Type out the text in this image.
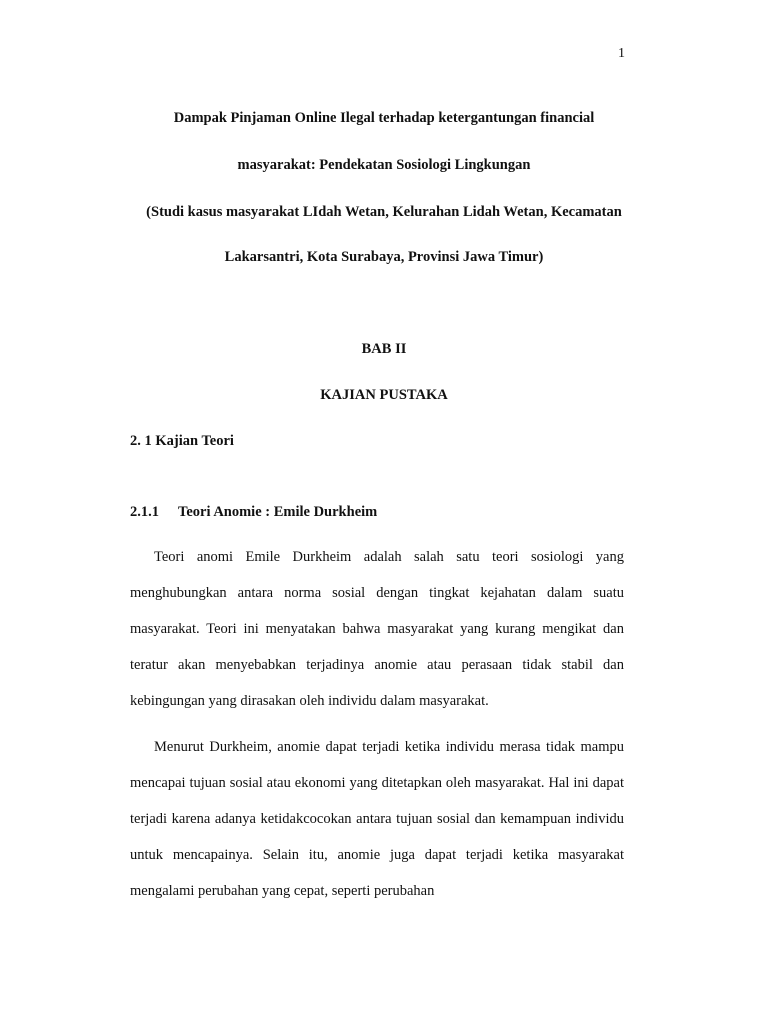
1
Dampak Pinjaman Online Ilegal terhadap ketergantungan financial
masyarakat: Pendekatan Sosiologi Lingkungan
(Studi kasus masyarakat LIdah Wetan, Kelurahan Lidah Wetan, Kecamatan
Lakarsantri, Kota Surabaya, Provinsi Jawa Timur)
BAB II
KAJIAN PUSTAKA
2. 1 Kajian Teori
2.1.1 Teori Anomie : Emile Durkheim

Teori anomi Emile Durkheim adalah salah satu teori sosiologi yang menghubungkan antara norma sosial dengan tingkat kejahatan dalam suatu masyarakat. Teori ini menyatakan bahwa masyarakat yang kurang mengikat dan teratur akan menyebabkan terjadinya anomie atau perasaan tidak stabil dan kebingungan yang dirasakan oleh individu dalam masyarakat.

Menurut Durkheim, anomie dapat terjadi ketika individu merasa tidak mampu mencapai tujuan sosial atau ekonomi yang ditetapkan oleh masyarakat. Hal ini dapat terjadi karena adanya ketidakcocokan antara tujuan sosial dan kemampuan individu untuk mencapainya. Selain itu, anomie juga dapat terjadi ketika masyarakat mengalami perubahan yang cepat, seperti perubahan
